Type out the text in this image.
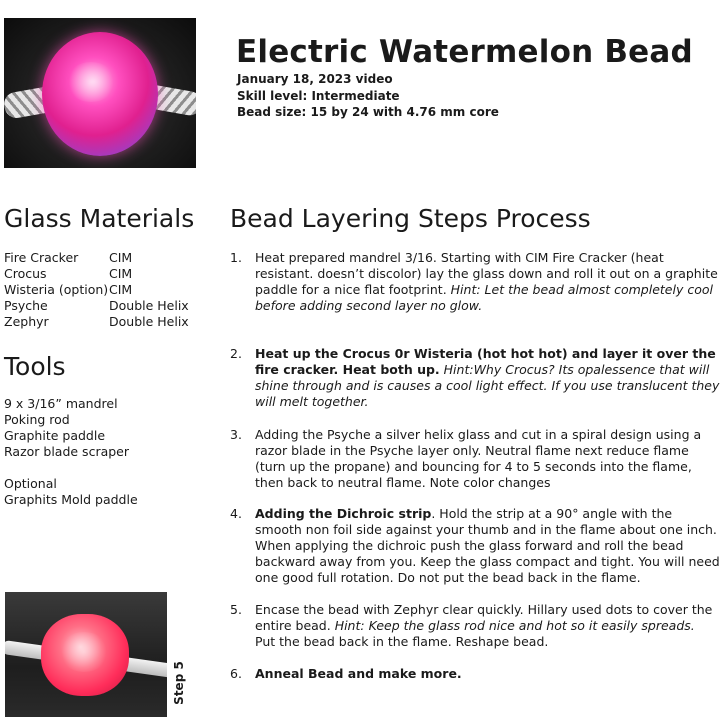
Step 5
Electric Watermelon Bead
January 18, 2023 video
Skill level: Intermediate
Bead size: 15 by 24 with 4.76 mm core
Glass Materials
Fire Cracker CIM
Crocus	CIM
Wisteria (option) CIM
Psyche	Double Helix
Zephyr	Double Helix
Tools
9 x 3/16” mandrel
Poking rod
Graphite paddle
Razor blade scraper
Optional
Graphits Mold paddle
Bead Layering Steps Process
1. Heat prepared mandrel 3/16. Starting with CIM Fire Cracker (heat resistant. doesn’t discolor) lay the glass down and roll it out on a graphite paddle for a nice flat footprint. Hint: Let the bead almost completely cool before adding second layer no glow.
2. Heat up the Crocus 0r Wisteria (hot hot hot) and layer it over the fire cracker. Heat both up. Hint:Why Crocus? Its opalessence that will shine through and is causes a cool light effect. If you use translucent they will melt together.
3. Adding the Psyche a silver helix glass and cut in a spiral design using a razor blade in the Psyche layer only. Neutral flame next reduce flame (turn up the propane) and bouncing for 4 to 5 seconds into the flame, then back to neutral flame. Note color changes
4. Adding the Dichroic strip. Hold the strip at a 90° angle with the smooth non foil side against your thumb and in the flame about one inch. When applying the dichroic push the glass forward and roll the bead backward away from you. Keep the glass compact and tight. You will need one good full rotation. Do not put the bead back in the flame.
5. Encase the bead with Zephyr clear quickly. Hillary used dots to cover the entire bead. Hint: Keep the glass rod nice and hot so it easily spreads.
Put the bead back in the flame. Reshape bead.
6. Anneal Bead and make more.
